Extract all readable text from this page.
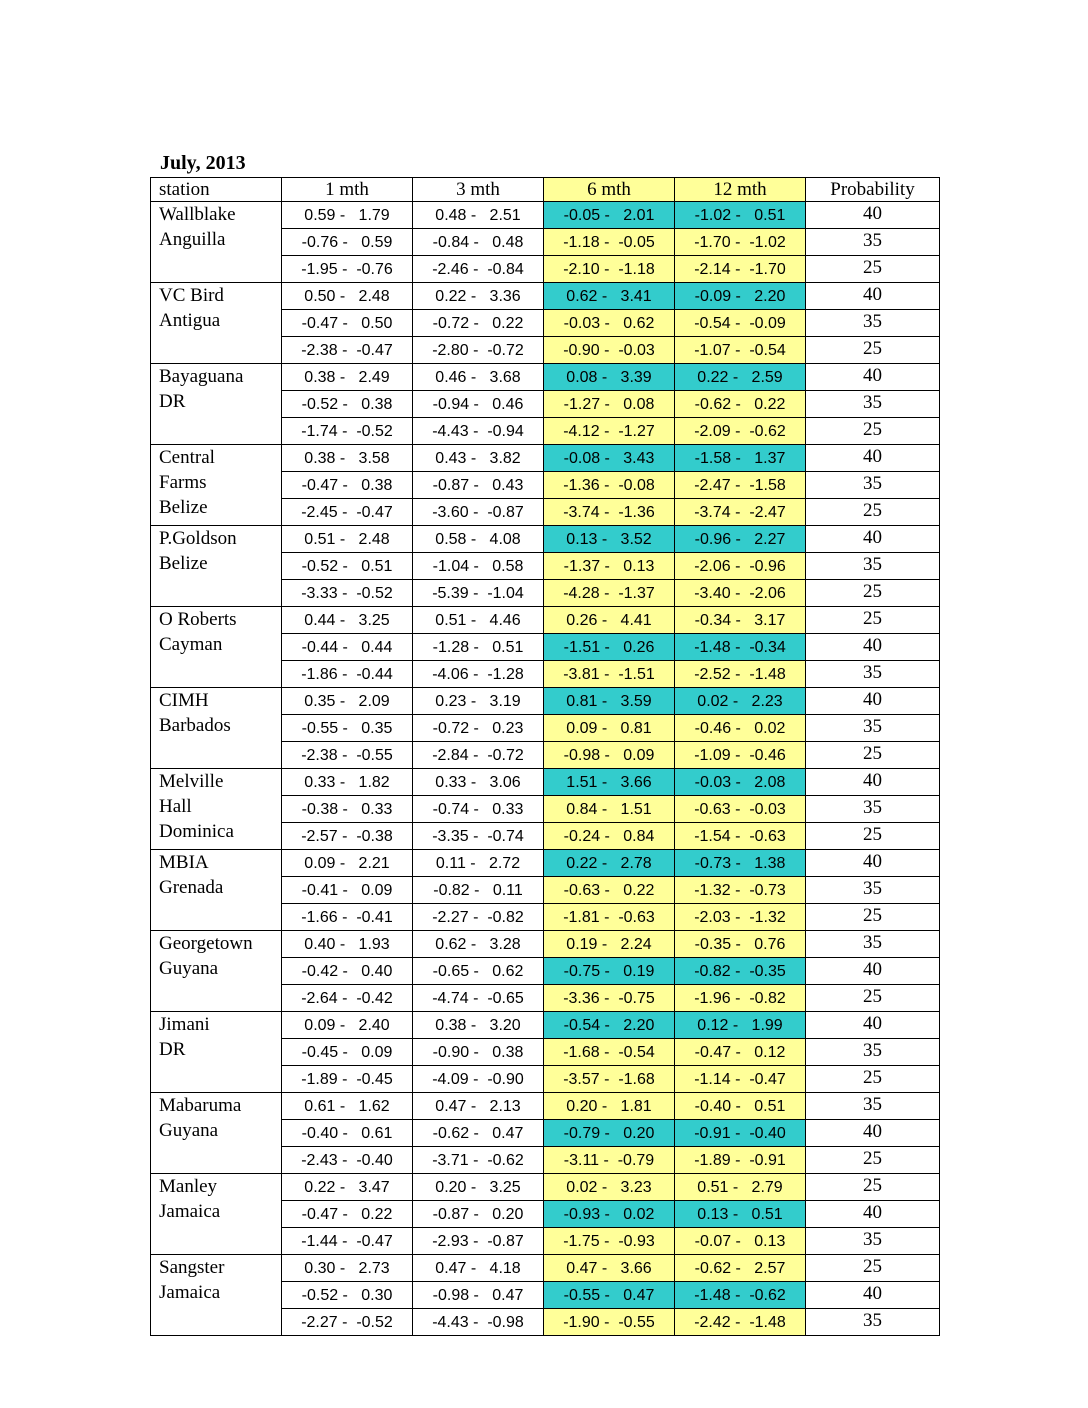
July, 2013
station	1 mth	3 mth	6 mth	12 mth	Probability
Wallblake
Anguilla	0.59 -   1.79	0.48 -   2.51	-0.05 -   2.01	-1.02 -   0.51	40
	-0.76 -   0.59	-0.84 -   0.48	-1.18 -  -0.05	-1.70 -  -1.02	35
	-1.95 -  -0.76	-2.46 -  -0.84	-2.10 -  -1.18	-2.14 -  -1.70	25
VC Bird
Antigua	0.50 -   2.48	0.22 -   3.36	0.62 -   3.41	-0.09 -   2.20	40
	-0.47 -   0.50	-0.72 -   0.22	-0.03 -   0.62	-0.54 -  -0.09	35
	-2.38 -  -0.47	-2.80 -  -0.72	-0.90 -  -0.03	-1.07 -  -0.54	25
Bayaguana
DR	0.38 -   2.49	0.46 -   3.68	0.08 -   3.39	0.22 -   2.59	40
	-0.52 -   0.38	-0.94 -   0.46	-1.27 -   0.08	-0.62 -   0.22	35
	-1.74 -  -0.52	-4.43 -  -0.94	-4.12 -  -1.27	-2.09 -  -0.62	25
Central
Farms
Belize	0.38 -   3.58	0.43 -   3.82	-0.08 -   3.43	-1.58 -   1.37	40
	-0.47 -   0.38	-0.87 -   0.43	-1.36 -  -0.08	-2.47 -  -1.58	35
	-2.45 -  -0.47	-3.60 -  -0.87	-3.74 -  -1.36	-3.74 -  -2.47	25
P.Goldson
Belize	0.51 -   2.48	0.58 -   4.08	0.13 -   3.52	-0.96 -   2.27	40
	-0.52 -   0.51	-1.04 -   0.58	-1.37 -   0.13	-2.06 -  -0.96	35
	-3.33 -  -0.52	-5.39 -  -1.04	-4.28 -  -1.37	-3.40 -  -2.06	25
O Roberts
Cayman	0.44 -   3.25	0.51 -   4.46	0.26 -   4.41	-0.34 -   3.17	25
	-0.44 -   0.44	-1.28 -   0.51	-1.51 -   0.26	-1.48 -  -0.34	40
	-1.86 -  -0.44	-4.06 -  -1.28	-3.81 -  -1.51	-2.52 -  -1.48	35
CIMH
Barbados	0.35 -   2.09	0.23 -   3.19	0.81 -   3.59	0.02 -   2.23	40
	-0.55 -   0.35	-0.72 -   0.23	0.09 -   0.81	-0.46 -   0.02	35
	-2.38 -  -0.55	-2.84 -  -0.72	-0.98 -   0.09	-1.09 -  -0.46	25
Melville
Hall
Dominica	0.33 -   1.82	0.33 -   3.06	1.51 -   3.66	-0.03 -   2.08	40
	-0.38 -   0.33	-0.74 -   0.33	0.84 -   1.51	-0.63 -  -0.03	35
	-2.57 -  -0.38	-3.35 -  -0.74	-0.24 -   0.84	-1.54 -  -0.63	25
MBIA
Grenada	0.09 -   2.21	0.11 -   2.72	0.22 -   2.78	-0.73 -   1.38	40
	-0.41 -   0.09	-0.82 -   0.11	-0.63 -   0.22	-1.32 -  -0.73	35
	-1.66 -  -0.41	-2.27 -  -0.82	-1.81 -  -0.63	-2.03 -  -1.32	25
Georgetown
Guyana	0.40 -   1.93	0.62 -   3.28	0.19 -   2.24	-0.35 -   0.76	35
	-0.42 -   0.40	-0.65 -   0.62	-0.75 -   0.19	-0.82 -  -0.35	40
	-2.64 -  -0.42	-4.74 -  -0.65	-3.36 -  -0.75	-1.96 -  -0.82	25
Jimani
DR	0.09 -   2.40	0.38 -   3.20	-0.54 -   2.20	0.12 -   1.99	40
	-0.45 -   0.09	-0.90 -   0.38	-1.68 -  -0.54	-0.47 -   0.12	35
	-1.89 -  -0.45	-4.09 -  -0.90	-3.57 -  -1.68	-1.14 -  -0.47	25
Mabaruma
Guyana	0.61 -   1.62	0.47 -   2.13	0.20 -   1.81	-0.40 -   0.51	35
	-0.40 -   0.61	-0.62 -   0.47	-0.79 -   0.20	-0.91 -  -0.40	40
	-2.43 -  -0.40	-3.71 -  -0.62	-3.11 -  -0.79	-1.89 -  -0.91	25
Manley
Jamaica	0.22 -   3.47	0.20 -   3.25	0.02 -   3.23	0.51 -   2.79	25
	-0.47 -   0.22	-0.87 -   0.20	-0.93 -   0.02	0.13 -   0.51	40
	-1.44 -  -0.47	-2.93 -  -0.87	-1.75 -  -0.93	-0.07 -   0.13	35
Sangster
Jamaica	0.30 -   2.73	0.47 -   4.18	0.47 -   3.66	-0.62 -   2.57	25
	-0.52 -   0.30	-0.98 -   0.47	-0.55 -   0.47	-1.48 -  -0.62	40
	-2.27 -  -0.52	-4.43 -  -0.98	-1.90 -  -0.55	-2.42 -  -1.48	35
